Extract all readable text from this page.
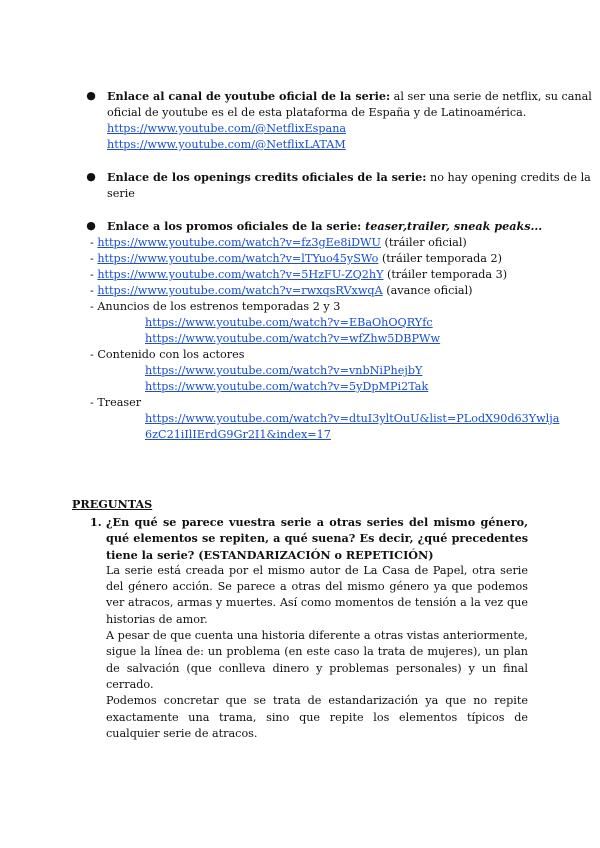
● Enlace al canal de youtube oficial de la serie: al ser una serie de netflix, su canal
oficial de youtube es el de esta plataforma de España y de Latinoamérica.
https://www.youtube.com/@NetflixEspana
https://www.youtube.com/@NetflixLATAM
● Enlace de los openings credits oficiales de la serie: no hay opening credits de la
serie
● Enlace a los promos oficiales de la serie: teaser,trailer, sneak peaks...
- https://www.youtube.com/watch?v=fz3gEe8iDWU (tráiler oficial)
- https://www.youtube.com/watch?v=lTYuo45ySWo (tráiler temporada 2)
- https://www.youtube.com/watch?v=5HzFU-ZQ2hY (tráiler temporada 3)
- https://www.youtube.com/watch?v=rwxqsRVxwqA (avance oficial)
- Anuncios de los estrenos temporadas 2 y 3
https://www.youtube.com/watch?v=EBaOhOQRYfc
https://www.youtube.com/watch?v=wfZhw5DBPWw
- Contenido con los actores
https://www.youtube.com/watch?v=vnbNiPhejbY
https://www.youtube.com/watch?v=5yDpMPi2Tak
- Treaser
https://www.youtube.com/watch?v=dtuI3yltOuU&list=PLodX90d63Ywlja
6zC21iIlIErdG9Gr2I1&index=17
PREGUNTAS
1. ¿En qué se parece vuestra serie a otras series del mismo género, qué elementos se repiten, a qué suena? Es decir, ¿qué precedentes tiene la serie? (ESTANDARIZACIÓN o REPETICIÓN)

La serie está creada por el mismo autor de La Casa de Papel, otra serie del género acción. Se parece a otras del mismo género ya que podemos ver atracos, armas y muertes. Así como momentos de tensión a la vez que historias de amor.

A pesar de que cuenta una historia diferente a otras vistas anteriormente, sigue la línea de: un problema (en este caso la trata de mujeres), un plan de salvación (que conlleva dinero y problemas personales) y un final cerrado.

Podemos concretar que se trata de estandarización ya que no repite exactamente una trama, sino que repite los elementos típicos de cualquier serie de atracos.
